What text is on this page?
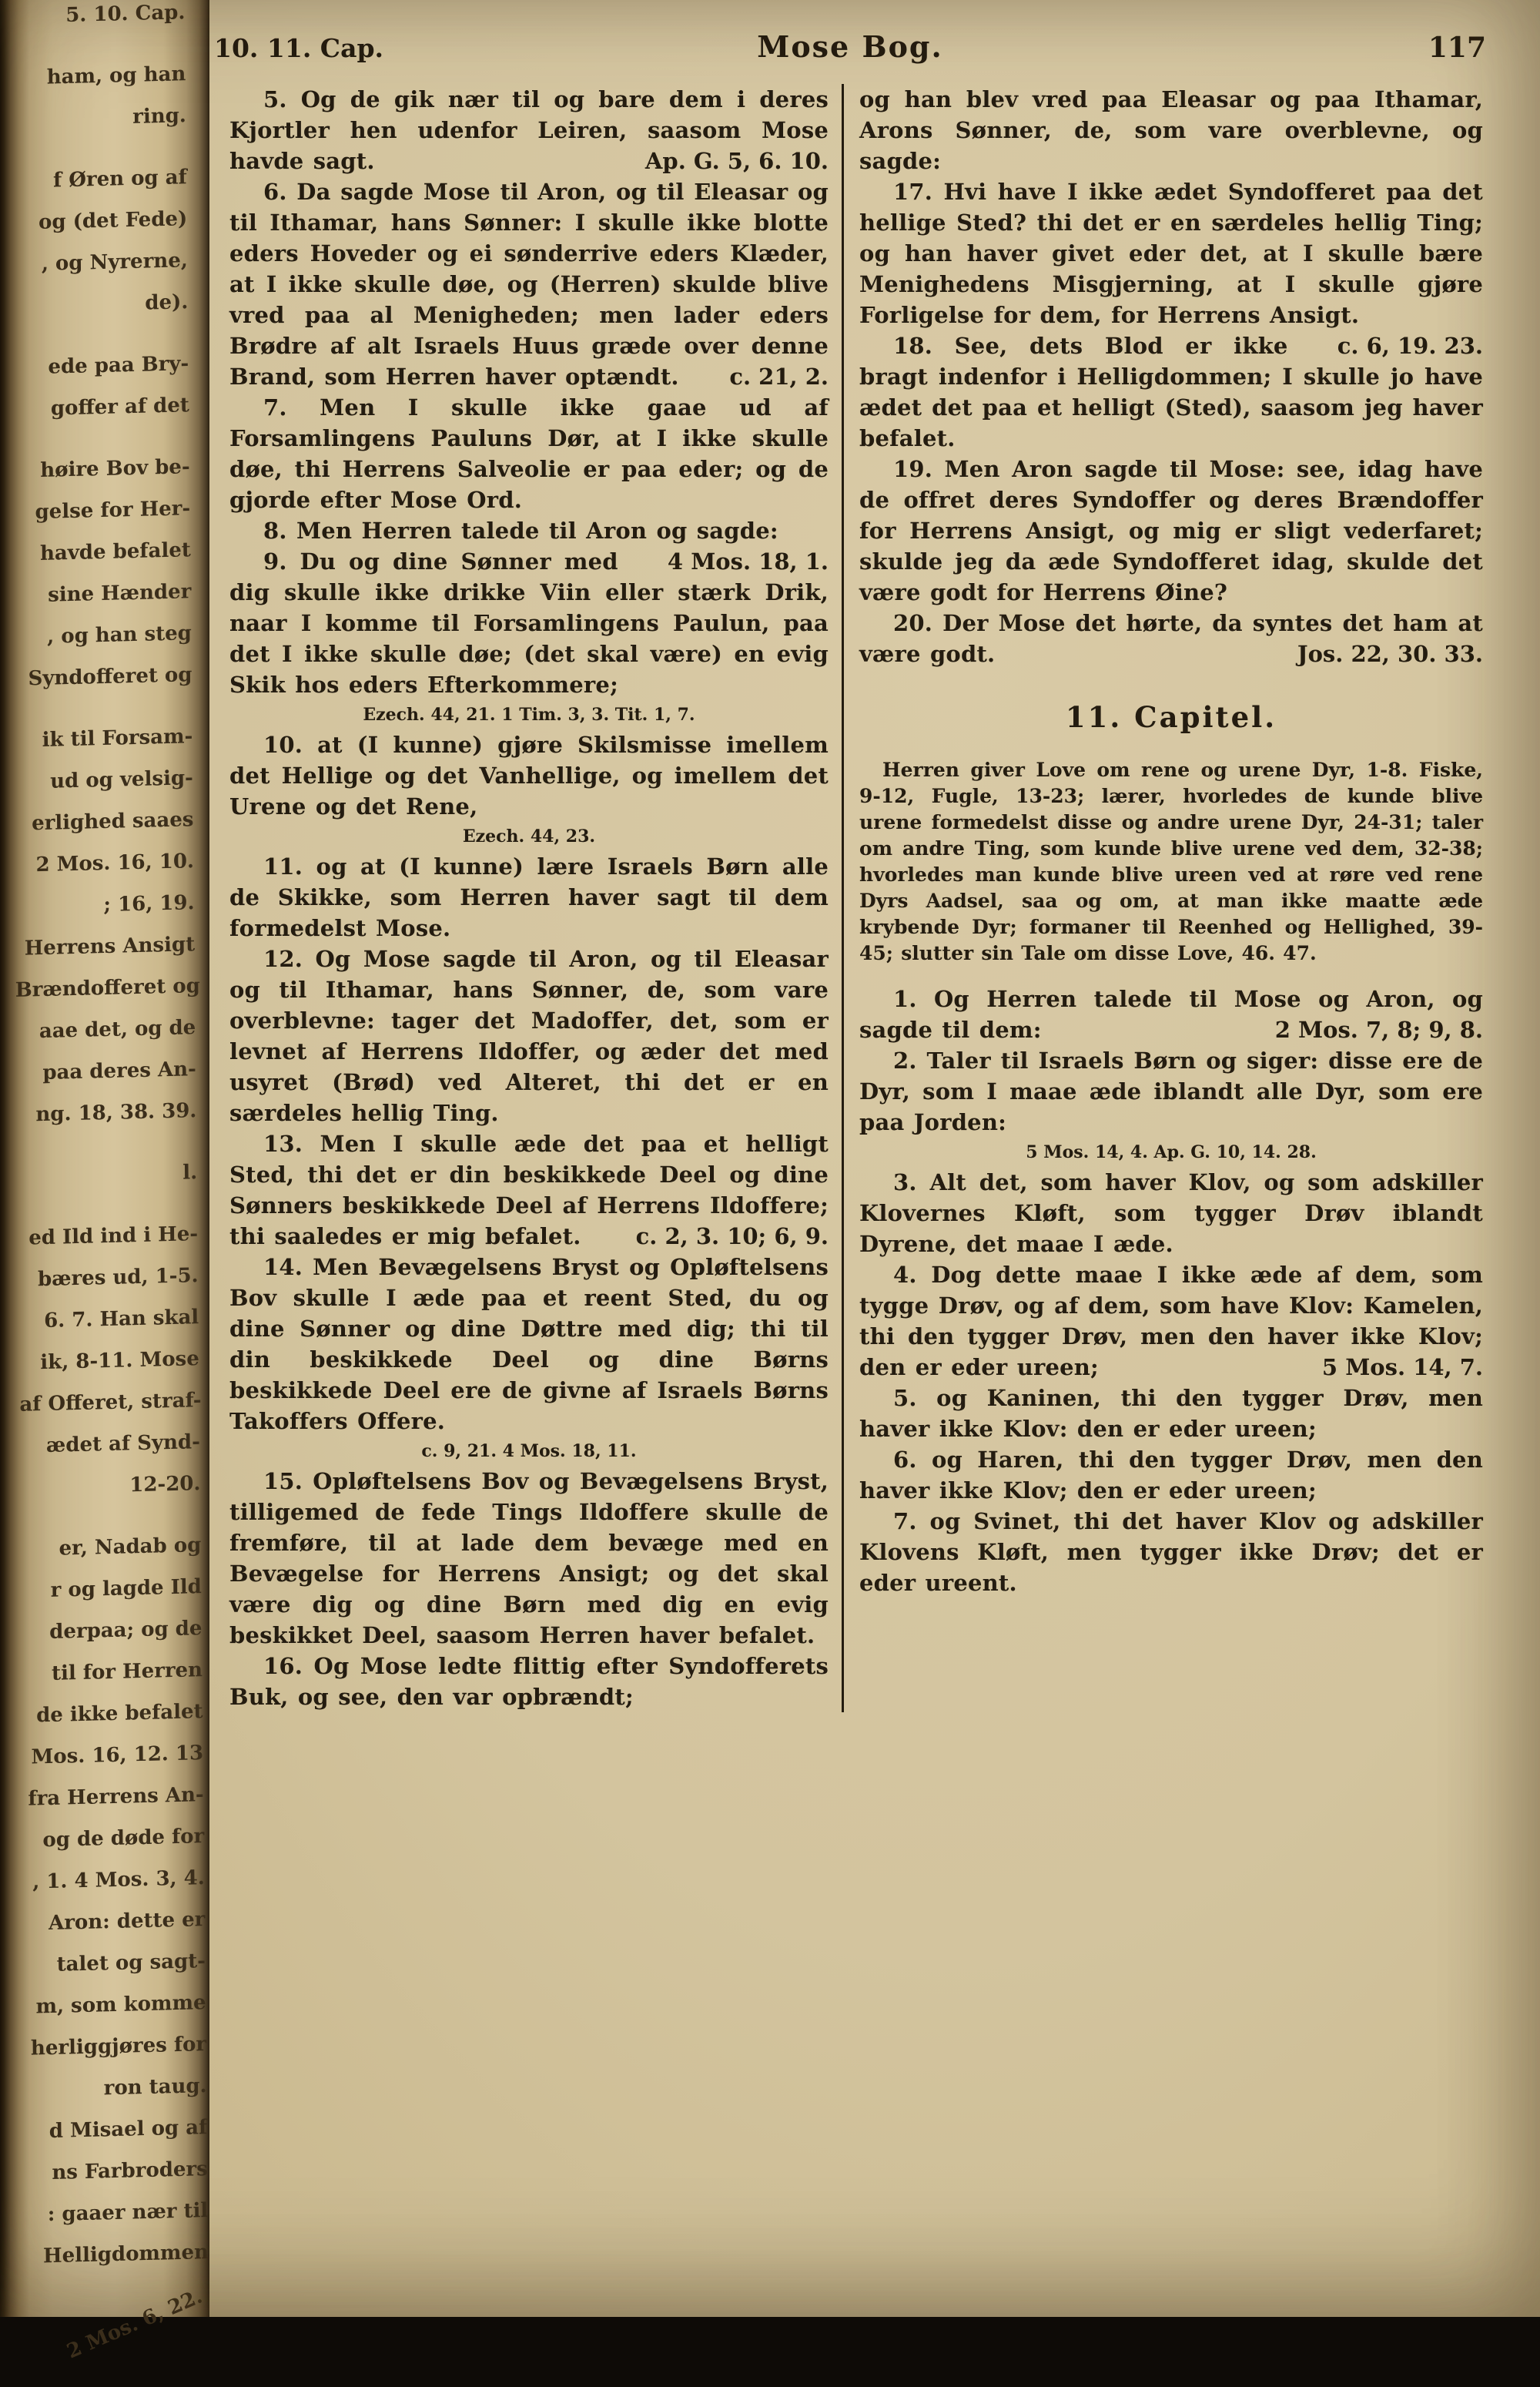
5. 10. Cap.
ham, og han
ring.
f Øren og af
og (det Fede)
, og Nyrerne,
de).
ede paa Bry-
goffer af det
høire Bov be-
gelse for Her-
havde befalet
sine Hænder
, og han steg
Syndofferet og
ik til Forsam-
ud og velsig-
erlighed saaes
2 Mos. 16, 10.
; 16, 19.
Herrens Ansigt
Brændofferet og
aae det, og de
paa deres An-
ng. 18, 38. 39.
l.
ed Ild ind i He-
bæres ud, 1-5.
6. 7. Han skal
ik, 8-11. Mose
af Offeret, straf-
ædet af Synd-
12-20.
er, Nadab og
r og lagde Ild
derpaa; og de
til for Herren
de ikke befalet
Mos. 16, 12. 13
fra Herrens An-
og de døde for
, 1. 4 Mos. 3, 4.
Aron: dette er
talet og sagt-
m, som komme
herliggjøres for
ron taug.
d Misael og af
ns Farbroders
: gaaer nær til
Helligdommen
2 Mos. 6, 22.
10. 11. Cap.	Mose Bog.	117

5. Og de gik nær til og bare dem i deres Kjortler hen udenfor Leiren, saasom Mose havde sagt.	Ap. G. 5, 6. 10.

6. Da sagde Mose til Aron, og til Eleasar og til Ithamar, hans Sønner: I skulle ikke blotte eders Hoveder og ei sønderrive eders Klæder, at I ikke skulle døe, og (Herren) skulde blive vred paa al Menigheden; men lader eders Brødre af alt Israels Huus græde over denne Brand, som Herren haver optændt.	c. 21, 2.

7. Men I skulle ikke gaae ud af Forsamlingens Pauluns Dør, at I ikke skulle døe, thi Herrens Salveolie er paa eder; og de gjorde efter Mose Ord.

8. Men Herren talede til Aron og sagde:
4 Mos. 18, 1.

9. Du og dine Sønner med dig skulle ikke drikke Viin eller stærk Drik, naar I komme til Forsamlingens Paulun, paa det I ikke skulle døe; (det skal være) en evig Skik hos eders Efterkommere;

Ezech. 44, 21. 1 Tim. 3, 3. Tit. 1, 7.

10. at (I kunne) gjøre Skilsmisse imellem det Hellige og det Vanhellige, og imellem det Urene og det Rene,

Ezech. 44, 23.

11. og at (I kunne) lære Israels Børn alle de Skikke, som Herren haver sagt til dem formedelst Mose.

12. Og Mose sagde til Aron, og til Eleasar og til Ithamar, hans Sønner, de, som vare overblevne: tager det Madoffer, det, som er levnet af Herrens Ildoffer, og æder det med usyret (Brød) ved Alteret, thi det er en særdeles hellig Ting.

13. Men I skulle æde det paa et helligt Sted, thi det er din beskikkede Deel og dine Sønners beskikkede Deel af Herrens Ildoffere; thi saaledes er mig befalet.	c. 2, 3. 10; 6, 9.

14. Men Bevægelsens Bryst og Opløftelsens Bov skulle I æde paa et reent Sted, du og dine Sønner og dine Døttre med dig; thi til din beskikkede Deel og dine Børns beskikkede Deel ere de givne af Israels Børns Takoffers Offere.

c. 9, 21. 4 Mos. 18, 11.

15. Opløftelsens Bov og Bevægelsens Bryst, tilligemed de fede Tings Ildoffere skulle de fremføre, til at lade dem bevæge med en Bevægelse for Herrens Ansigt; og det skal være dig og dine Børn med dig en evig beskikket Deel, saasom Herren haver befalet.

16. Og Mose ledte flittig efter Syndofferets Buk, og see, den var opbrændt;

og han blev vred paa Eleasar og paa Ithamar, Arons Sønner, de, som vare overblevne, og sagde:

17. Hvi have I ikke ædet Syndofferet paa det hellige Sted? thi det er en særdeles hellig Ting; og han haver givet eder det, at I skulle bære Menighedens Misgjerning, at I skulle gjøre Forligelse for dem, for Herrens Ansigt.
c. 6, 19. 23.

18. See, dets Blod er ikke bragt indenfor i Helligdommen; I skulle jo have ædet det paa et helligt (Sted), saasom jeg haver befalet.

19. Men Aron sagde til Mose: see, idag have de offret deres Syndoffer og deres Brændoffer for Herrens Ansigt, og mig er sligt vederfaret; skulde jeg da æde Syndofferet idag, skulde det være godt for Herrens Øine?

20. Der Mose det hørte, da syntes det ham at være godt.	Jos. 22, 30. 33.

11. Capitel.

Herren giver Love om rene og urene Dyr, 1-8. Fiske, 9-12, Fugle, 13-23; lærer, hvorledes de kunde blive urene formedelst disse og andre urene Dyr, 24-31; taler om andre Ting, som kunde blive urene ved dem, 32-38; hvorledes man kunde blive ureen ved at røre ved rene Dyrs Aadsel, saa og om, at man ikke maatte æde krybende Dyr; formaner til Reenhed og Hellighed, 39-45; slutter sin Tale om disse Love, 46. 47.

1. Og Herren talede til Mose og Aron, og sagde til dem:	2 Mos. 7, 8; 9, 8.

2. Taler til Israels Børn og siger: disse ere de Dyr, som I maae æde iblandt alle Dyr, som ere paa Jorden:

5 Mos. 14, 4. Ap. G. 10, 14. 28.

3. Alt det, som haver Klov, og som adskiller Klovernes Kløft, som tygger Drøv iblandt Dyrene, det maae I æde.

4. Dog dette maae I ikke æde af dem, som tygge Drøv, og af dem, som have Klov: Kamelen, thi den tygger Drøv, men den haver ikke Klov; den er eder ureen;	5 Mos. 14, 7.

5. og Kaninen, thi den tygger Drøv, men haver ikke Klov: den er eder ureen;

6. og Haren, thi den tygger Drøv, men den haver ikke Klov; den er eder ureen;

7. og Svinet, thi det haver Klov og adskiller Klovens Kløft, men tygger ikke Drøv; det er eder ureent.
